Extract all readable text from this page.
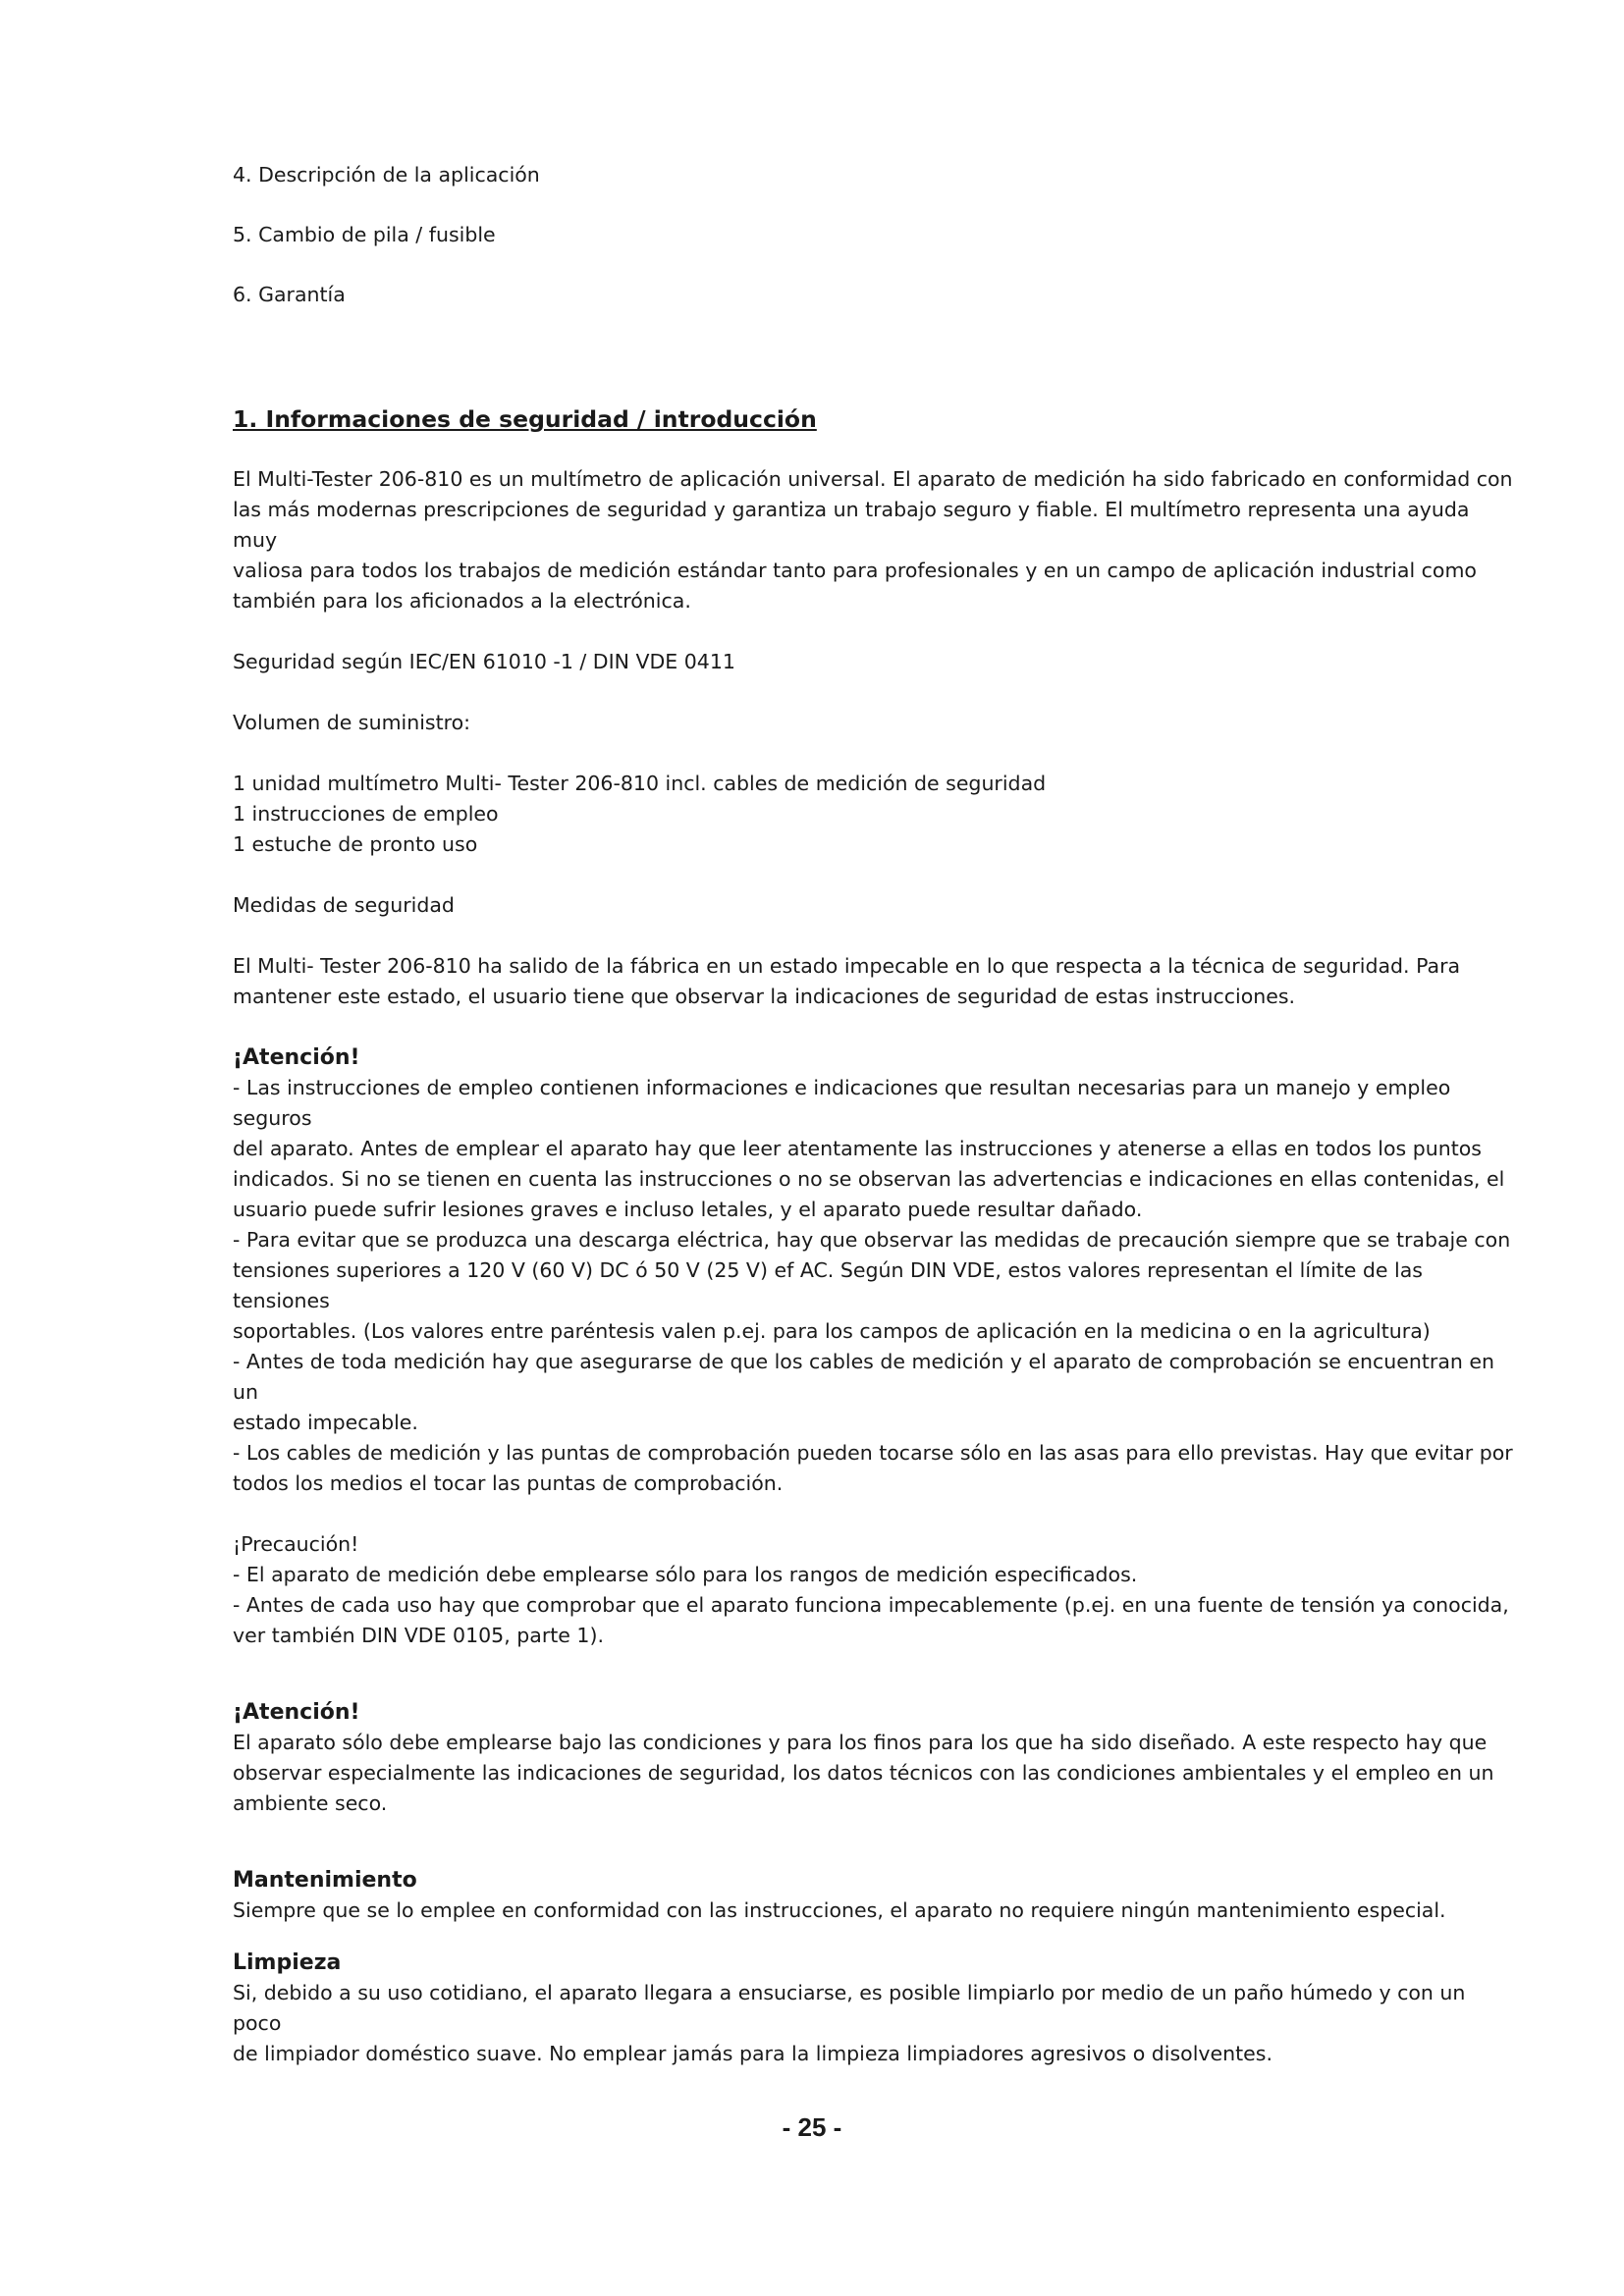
4. Descripción de la aplicación
5. Cambio de pila / fusible
6. Garantía
1. Informaciones de seguridad / introducción
El Multi-Tester 206-810 es un multímetro de aplicación universal. El aparato de medición ha sido fabricado en conformidad con
las más modernas prescripciones de seguridad y garantiza un trabajo seguro y fiable. El multímetro representa una ayuda muy
valiosa para todos los trabajos de medición estándar tanto para profesionales y en un campo de aplicación industrial como
también para los aficionados a la electrónica.
Seguridad según IEC/EN 61010 -1 / DIN VDE 0411
Volumen de suministro:
1 unidad multímetro Multi- Tester 206-810 incl. cables de medición de seguridad
1 instrucciones de empleo
1 estuche de pronto uso
Medidas de seguridad
El Multi- Tester 206-810 ha salido de la fábrica en un estado impecable en lo que respecta a la técnica de seguridad. Para
mantener este estado, el usuario tiene que observar la indicaciones de seguridad de estas instrucciones.
¡Atención!
- Las instrucciones de empleo contienen informaciones e indicaciones que resultan necesarias para un manejo y empleo seguros
del aparato. Antes de emplear el aparato hay que leer atentamente las instrucciones y atenerse a ellas en todos los puntos
indicados. Si no se tienen en cuenta las instrucciones o no se observan las advertencias e indicaciones en ellas contenidas, el
usuario puede sufrir lesiones graves e incluso letales, y el aparato puede resultar dañado.
- Para evitar que se produzca una descarga eléctrica, hay que observar las medidas de precaución siempre que se trabaje con
tensiones superiores a 120 V (60 V) DC ó 50 V (25 V) ef AC. Según DIN VDE, estos valores representan el límite de las tensiones
soportables. (Los valores entre paréntesis valen p.ej. para los campos de aplicación en la medicina o en la agricultura)
- Antes de toda medición hay que asegurarse de que los cables de medición y el aparato de comprobación se encuentran en un
estado impecable.
- Los cables de medición y las puntas de comprobación pueden tocarse sólo en las asas para ello previstas. Hay que evitar por
todos los medios el tocar las puntas de comprobación.
¡Precaución!
- El aparato de medición debe emplearse sólo para los rangos de medición especificados.
- Antes de cada uso hay que comprobar que el aparato funciona impecablemente (p.ej. en una fuente de tensión ya conocida,
ver también DIN VDE 0105, parte 1).
¡Atención!
El aparato sólo debe emplearse bajo las condiciones y para los finos para los que ha sido diseñado. A este respecto hay que
observar especialmente las indicaciones de seguridad, los datos técnicos con las condiciones ambientales y el empleo en un
ambiente seco.
Mantenimiento
Siempre que se lo emplee en conformidad con las instrucciones, el aparato no requiere ningún mantenimiento especial.
Limpieza
Si, debido a su uso cotidiano, el aparato llegara a ensuciarse, es posible limpiarlo por medio de un paño húmedo y con un poco
de limpiador doméstico suave. No emplear jamás para la limpieza limpiadores agresivos o disolventes.
- 25 -
